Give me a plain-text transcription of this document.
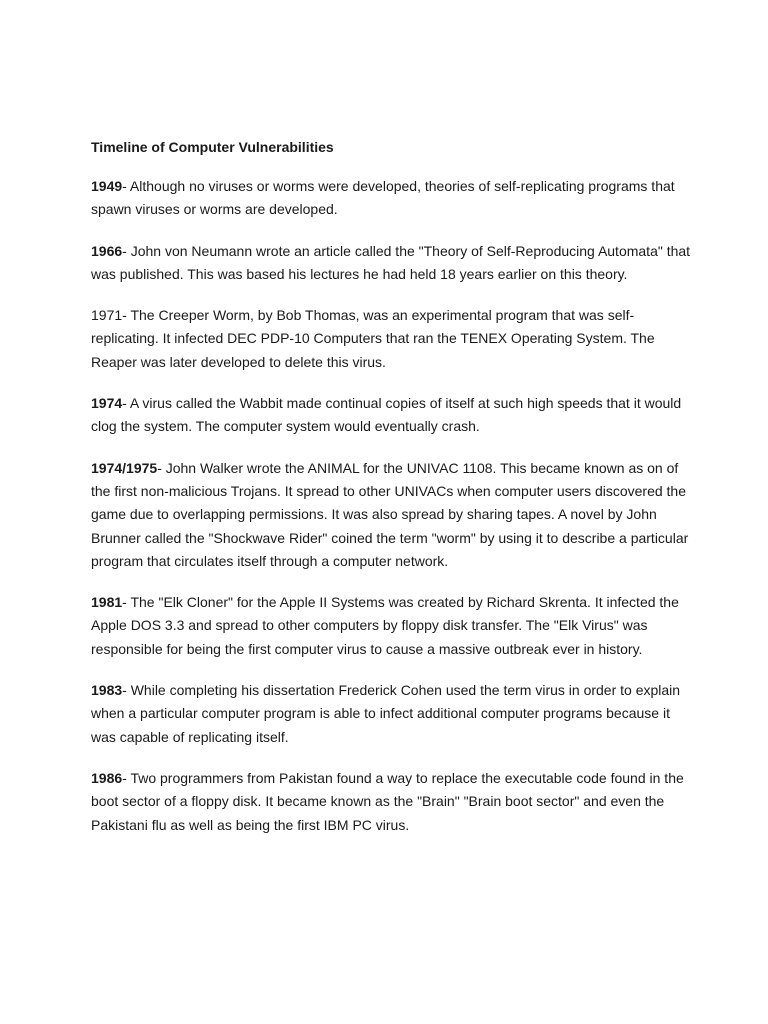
Timeline of Computer Vulnerabilities

1949- Although no viruses or worms were developed, theories of self-replicating programs that spawn viruses or worms are developed.

1966- John von Neumann wrote an article called the "Theory of Self-Reproducing Automata" that was published. This was based his lectures he had held 18 years earlier on this theory.

1971- The Creeper Worm, by Bob Thomas, was an experimental program that was self-replicating. It infected DEC PDP-10 Computers that ran the TENEX Operating System. The Reaper was later developed to delete this virus.

1974- A virus called the Wabbit made continual copies of itself at such high speeds that it would clog the system. The computer system would eventually crash.

1974/1975- John Walker wrote the ANIMAL for the UNIVAC 1108. This became known as on of the first non-malicious Trojans. It spread to other UNIVACs when computer users discovered the game due to overlapping permissions. It was also spread by sharing tapes. A novel by John Brunner called the "Shockwave Rider" coined the term "worm" by using it to describe a particular program that circulates itself through a computer network.

1981- The "Elk Cloner" for the Apple II Systems was created by Richard Skrenta. It infected the Apple DOS 3.3 and spread to other computers by floppy disk transfer. The "Elk Virus" was responsible for being the first computer virus to cause a massive outbreak ever in history.

1983- While completing his dissertation Frederick Cohen used the term virus in order to explain when a particular computer program is able to infect additional computer programs because it was capable of replicating itself.

1986- Two programmers from Pakistan found a way to replace the executable code found in the boot sector of a floppy disk. It became known as the "Brain" "Brain boot sector" and even the Pakistani flu as well as being the first IBM PC virus.
